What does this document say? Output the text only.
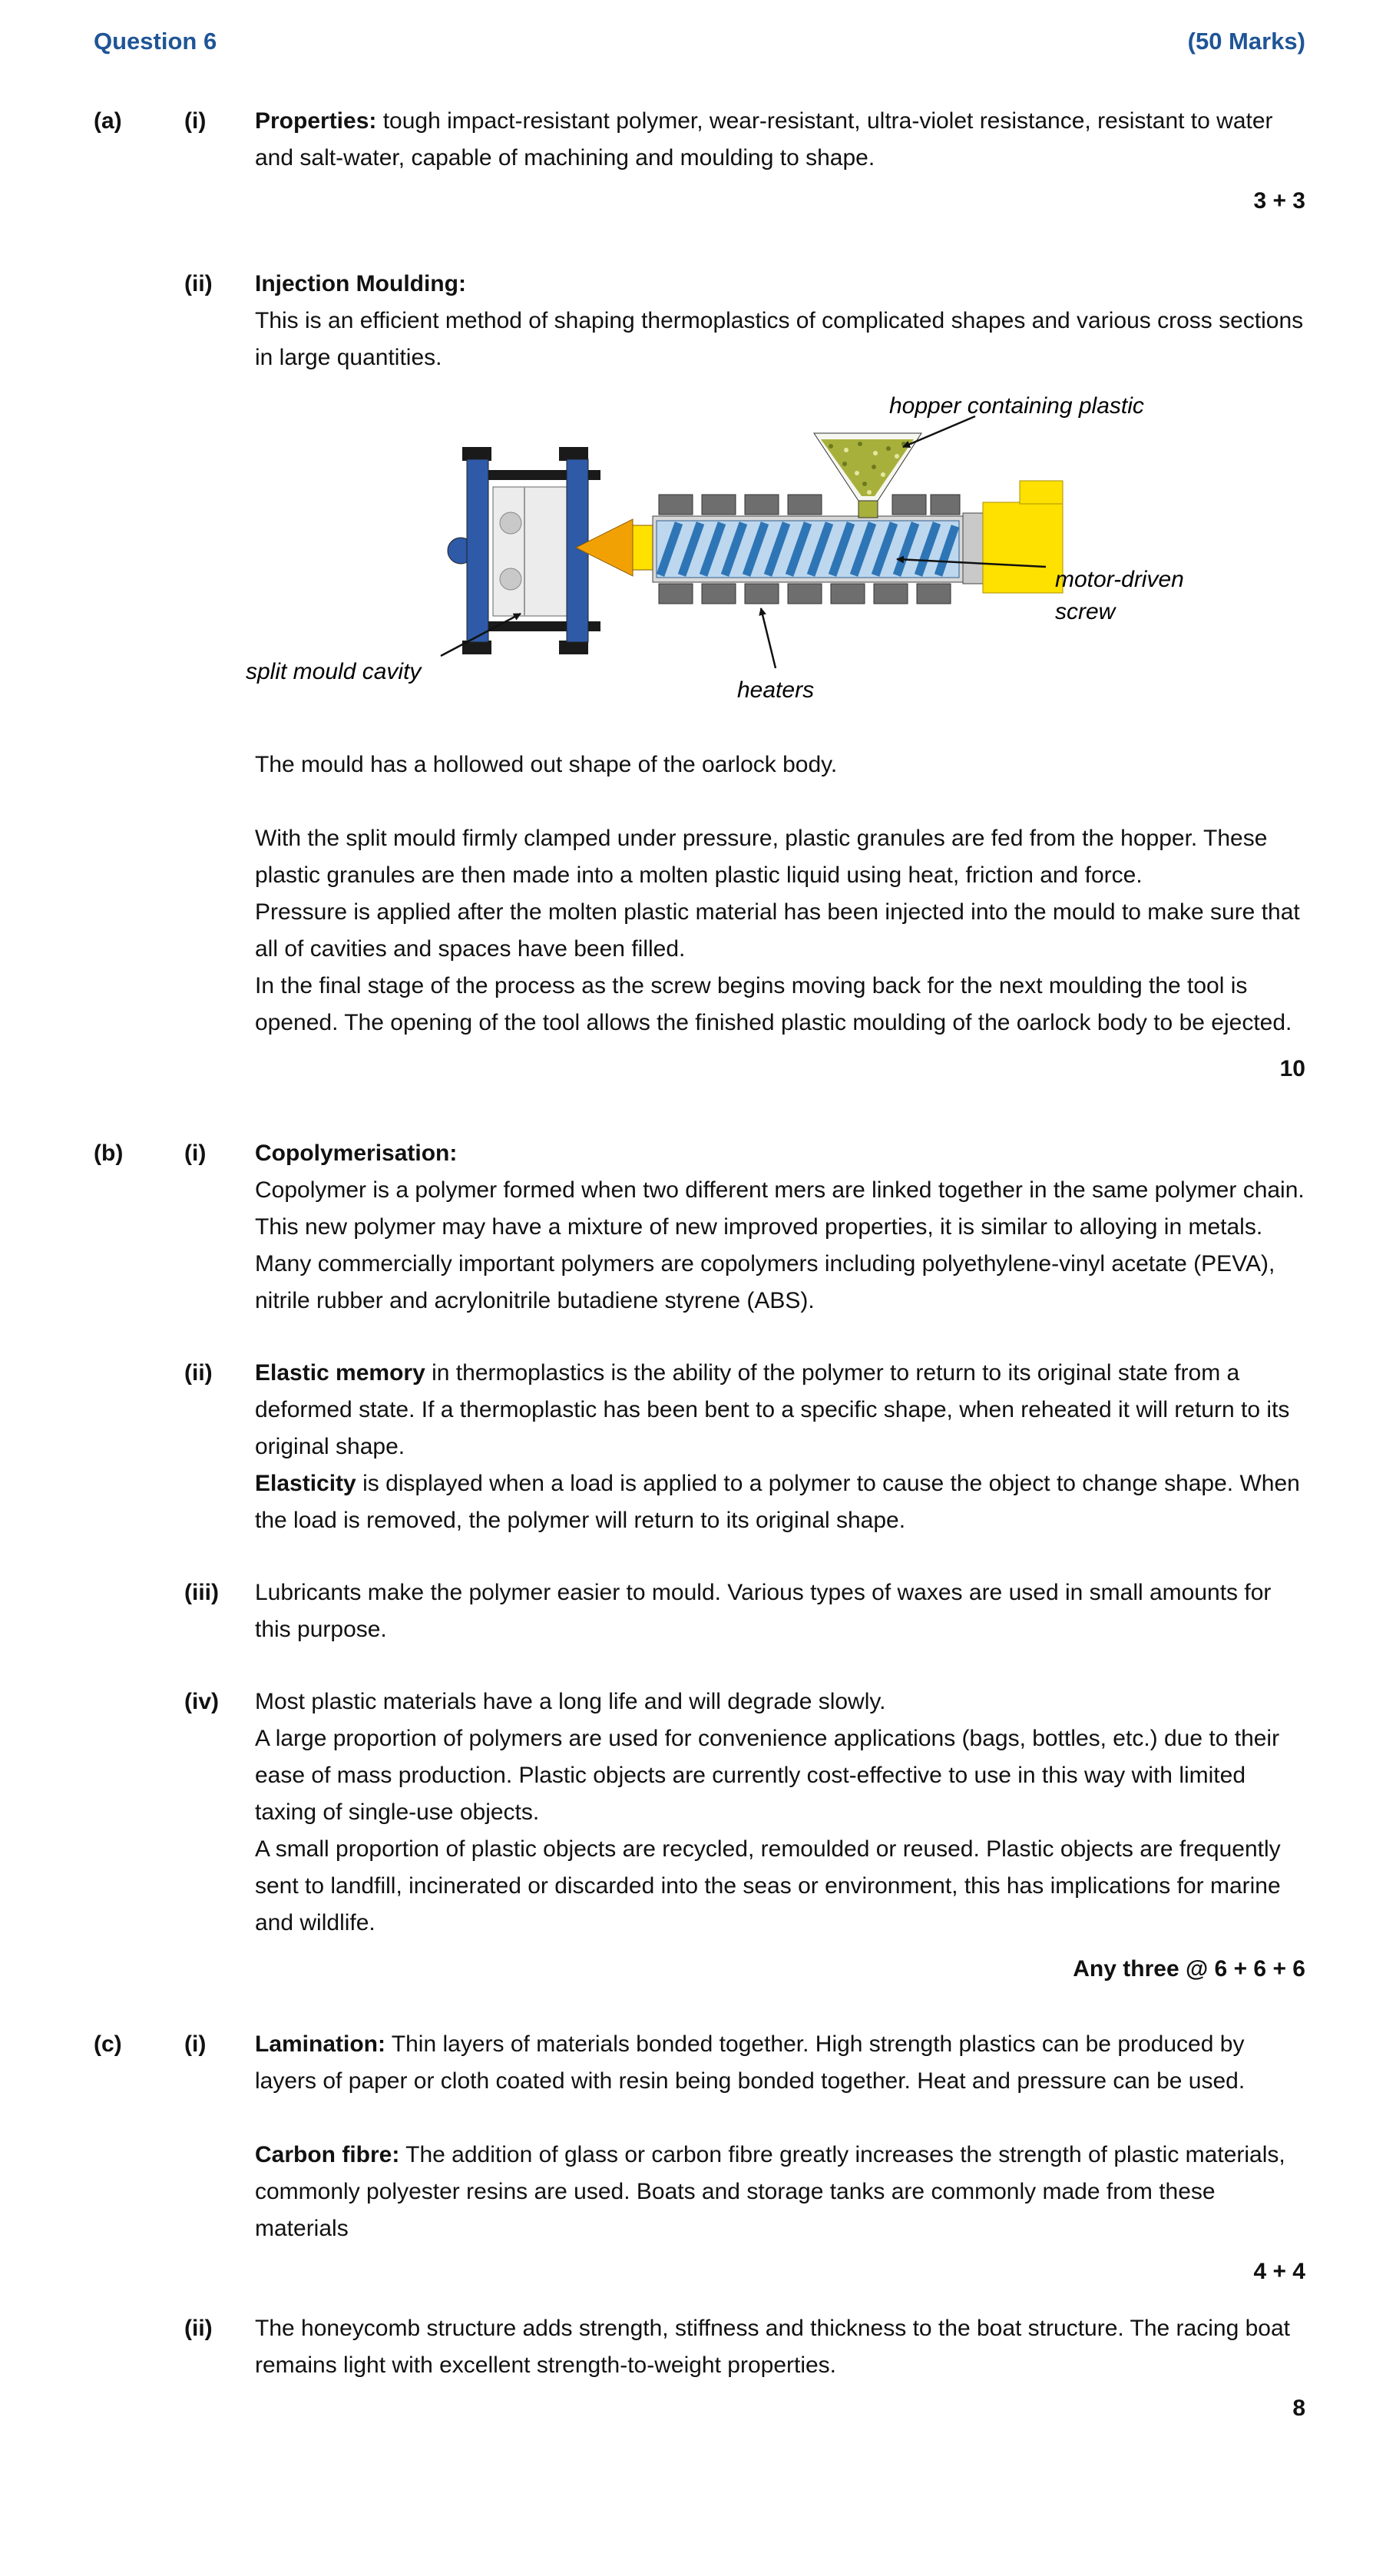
Question 6	(50 Marks)
(a)	(i)	Properties: tough impact-resistant polymer, wear-resistant, ultra-violet resistance, resistant to water and salt-water, capable of machining and moulding to shape.

3 + 3
(ii)	Injection Moulding:

This is an efficient method of shaping thermoplastics of complicated shapes and various cross sections in large quantities.

hopper containing plastic
motor-driven screw
split mould cavity
heaters

The mould has a hollowed out shape of the oarlock body.

With the split mould firmly clamped under pressure, plastic granules are fed from the hopper. These plastic granules are then made into a molten plastic liquid using heat, friction and force.

Pressure is applied after the molten plastic material has been injected into the mould to make sure that all of cavities and spaces have been filled.

In the final stage of the process as the screw begins moving back for the next moulding the tool is opened. The opening of the tool allows the finished plastic moulding of the oarlock body to be ejected.

10
(b)	(i)	Copolymerisation:

Copolymer is a polymer formed when two different mers are linked together in the same polymer chain. This new polymer may have a mixture of new improved properties, it is similar to alloying in metals. Many commercially important polymers are copolymers including polyethylene-vinyl acetate (PEVA), nitrile rubber and acrylonitrile butadiene styrene (ABS).

(ii)	Elastic memory in thermoplastics is the ability of the polymer to return to its original state from a deformed state. If a thermoplastic has been bent to a specific shape, when reheated it will return to its original shape.

Elasticity is displayed when a load is applied to a polymer to cause the object to change shape. When the load is removed, the polymer will return to its original shape.

(iii)	Lubricants make the polymer easier to mould. Various types of waxes are used in small amounts for this purpose.

(iv)	Most plastic materials have a long life and will degrade slowly.

A large proportion of polymers are used for convenience applications (bags, bottles, etc.) due to their ease of mass production. Plastic objects are currently cost-effective to use in this way with limited taxing of single-use objects.

A small proportion of plastic objects are recycled, remoulded or reused. Plastic objects are frequently sent to landfill, incinerated or discarded into the seas or environment, this has implications for marine and wildlife.

Any three @ 6 + 6 + 6
(c)	(i)	Lamination: Thin layers of materials bonded together. High strength plastics can be produced by layers of paper or cloth coated with resin being bonded together. Heat and pressure can be used.

Carbon fibre: The addition of glass or carbon fibre greatly increases the strength of plastic materials, commonly polyester resins are used. Boats and storage tanks are commonly made from these materials

4 + 4
(ii)	The honeycomb structure adds strength, stiffness and thickness to the boat structure. The racing boat remains light with excellent strength-to-weight properties.

8
